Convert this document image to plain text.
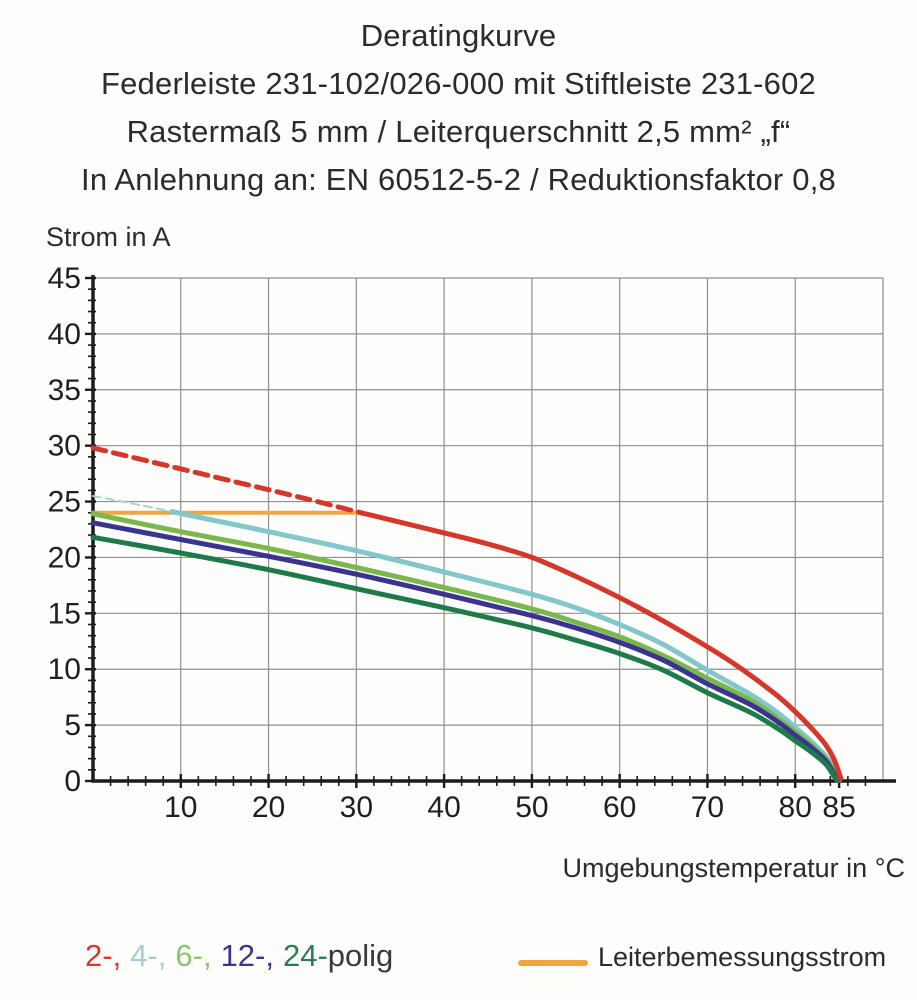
Deratingkurve
Federleiste 231-102/026-000 mit Stiftleiste 231-602
Rastermaß 5 mm / Leiterquerschnitt 2,5 mm² „f“
In Anlehnung an: EN 60512-5-2 / Reduktionsfaktor 0,8
Strom in A
0
5
10
15
20
25
30
35
40
45
10 20 30 40 50 60 70 80 85
Umgebungstemperatur in °C
2-, 4-, 6-, 12-, 24-polig	Leiterbemessungsstrom
